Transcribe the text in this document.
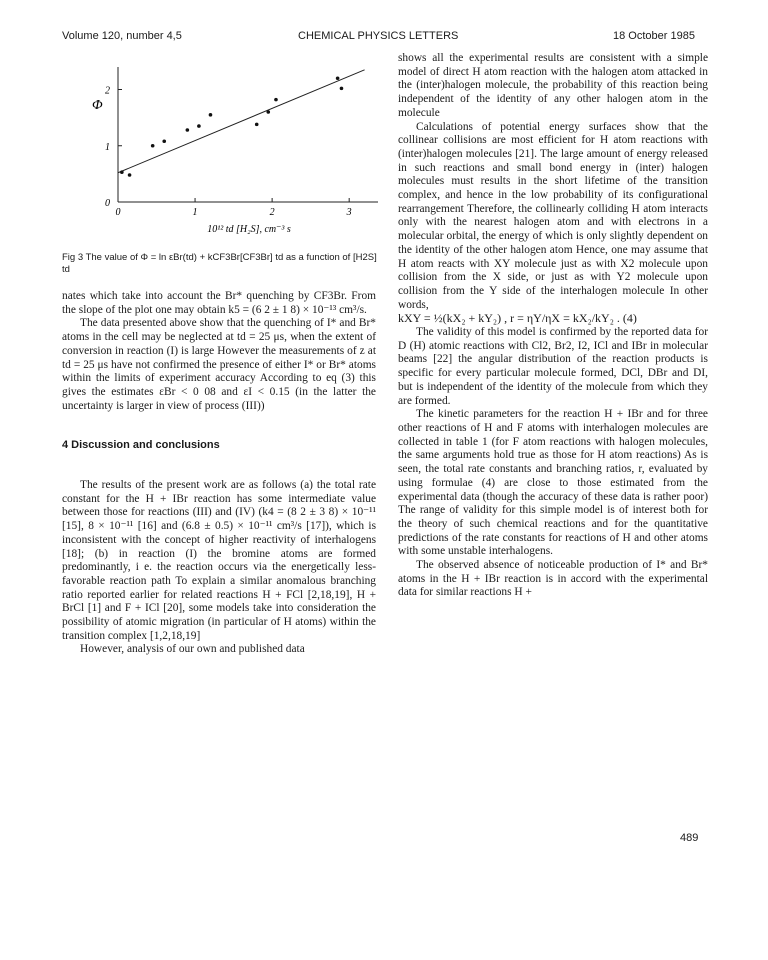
Volume 120, number 4,5	CHEMICAL PHYSICS LETTERS	18 October 1985
0	1	2	3
0
1
2
Φ
10¹² td [H₂S], cm⁻³ s
Fig 3 The value of Φ = ln εBr(td) + kCF3Br[CF3Br] td as a function of [H2S] td

nates which take into account the Br* quenching by CF3Br. From the slope of the plot one may obtain k5 = (6 2 ± 1 8) × 10⁻¹³ cm³/s.

The data presented above show that the quenching of I* and Br* atoms in the cell may be neglected at td = 25 μs, when the extent of conversion in reaction (I) is large However the measurements of z at td = 25 μs have not confirmed the presence of either I* or Br* atoms within the limits of experiment accuracy According to eq (3) this gives the estimates εBr < 0 08 and εI < 0.15 (in the latter the uncertainty is larger in view of process (III))

4 Discussion and conclusions

The results of the present work are as follows (a) the total rate constant for the H + IBr reaction has some intermediate value between those for reactions (III) and (IV) (k4 = (8 2 ± 3 8) × 10⁻¹¹ [15], 8 × 10⁻¹¹ [16] and (6.8 ± 0.5) × 10⁻¹¹ cm³/s [17]), which is inconsistent with the concept of higher reactivity of interhalogens [18]; (b) in reaction (I) the bromine atoms are formed predominantly, i e. the reaction occurs via the energetically less-favorable reaction path To explain a similar anomalous branching ratio reported earlier for related reactions H + FCl [2,18,19], H + BrCl [1] and F + ICl [20], some models take into consideration the possibility of atomic migration (in particular of H atoms) within the transition complex [1,2,18,19]

However, analysis of our own and published data

shows all the experimental results are consistent with a simple model of direct H atom reaction with the halogen atom attacked in the (inter)halogen molecule, the probability of this reaction being independent of the identity of any other halogen atom in the molecule

Calculations of potential energy surfaces show that the collinear collisions are most efficient for H atom reactions with (inter)halogen molecules [21]. The large amount of energy released in such reactions and small bond energy in (inter) halogen molecules must results in the short lifetime of the transition complex, and hence in the low probability of its configurational rearrangement Therefore, the collinearly colliding H atom interacts only with the nearest halogen atom and with electrons in a molecular orbital, the energy of which is only slightly dependent on the identity of the other halogen atom Hence, one may assume that H atom reacts with XY molecule just as with X2 molecule upon collision from the X side, or just as with Y2 molecule upon collision from the Y side of the interhalogen molecule In other words,

kXY = ½(kX₂ + kY₂) , r = ηY/ηX = kX₂/kY₂ . (4)

The validity of this model is confirmed by the reported data for D (H) atomic reactions with Cl2, Br2, I2, ICl and IBr in molecular beams [22] the angular distribution of the reaction products is specific for every particular molecule formed, DCl, DBr and DI, but is independent of the identity of the molecule from which they are formed.

The kinetic parameters for the reaction H + IBr and for three other reactions of H and F atoms with interhalogen molecules are collected in table 1 (for F atom reactions with halogen molecules, the same arguments hold true as those for H atom reactions) As is seen, the total rate constants and branching ratios, r, evaluated by using formulae (4) are close to those estimated from the experimental data (though the accuracy of these data is rather poor) The range of validity for this simple model is of interest both for the theory of such chemical reactions and for the quantitative predictions of the rate constants for reactions of H and other atoms with some unstable interhalogens.

The observed absence of noticeable production of I* and Br* atoms in the H + IBr reaction is in accord with the experimental data for similar reactions H +

489
